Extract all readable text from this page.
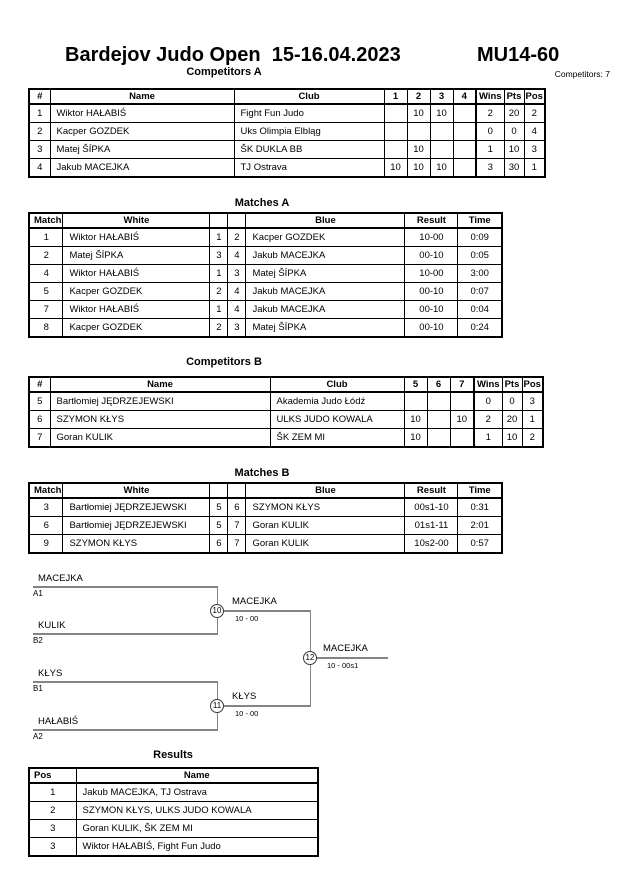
Bardejov Judo Open  15-16.04.2023	MU14-60
Competitors: 7
Competitors A
#	Name	Club	1	2	3	4	Wins	Pts	Pos
1	Wiktor HAŁABIŚ	Fight Fun Judo		10	10		2	20	2
2	Kacper GOZDEK	Uks Olimpia Elbląg					0	0	4
3	Matej ŠÍPKA	ŠK DUKLA BB		10			1	10	3
4	Jakub MACEJKA	TJ Ostrava	10	10	10		3	30	1
Matches A
Match	White			Blue	Result	Time
1	Wiktor HAŁABIŚ	1	2	Kacper GOZDEK	10-00	0:09
2	Matej ŠÍPKA	3	4	Jakub MACEJKA	00-10	0:05
4	Wiktor HAŁABIŚ	1	3	Matej ŠÍPKA	10-00	3:00
5	Kacper GOZDEK	2	4	Jakub MACEJKA	00-10	0:07
7	Wiktor HAŁABIŚ	1	4	Jakub MACEJKA	00-10	0:04
8	Kacper GOZDEK	2	3	Matej ŠÍPKA	00-10	0:24
Competitors B
#	Name	Club	5	6	7	Wins	Pts	Pos
5	Bartłomiej JĘDRZEJEWSKI	Akademia Judo Łódź				0	0	3
6	SZYMON KŁYS	ULKS JUDO KOWALA	10		10	2	20	1
7	Goran KULIK	ŠK ZEM MI	10			1	10	2
Matches B
Match	White			Blue	Result	Time
3	Bartłomiej JĘDRZEJEWSKI	5	6	SZYMON KŁYS	00s1-10	0:31
6	Bartłomiej JĘDRZEJEWSKI	5	7	Goran KULIK	01s1-11	2:01
9	SZYMON KŁYS	6	7	Goran KULIK	10s2-00	0:57
MACEJKA
A1
KULIK
B2
10
MACEJKA
10 - 00
KŁYS
B1
HAŁABIŚ
A2
11
KŁYS
10 - 00
12
MACEJKA
10 - 00s1
Results
Pos	Name
1	Jakub MACEJKA, TJ Ostrava
2	SZYMON KŁYS, ULKS JUDO KOWALA
3	Goran KULIK, ŠK ZEM MI
3	Wiktor HAŁABIŚ, Fight Fun Judo
